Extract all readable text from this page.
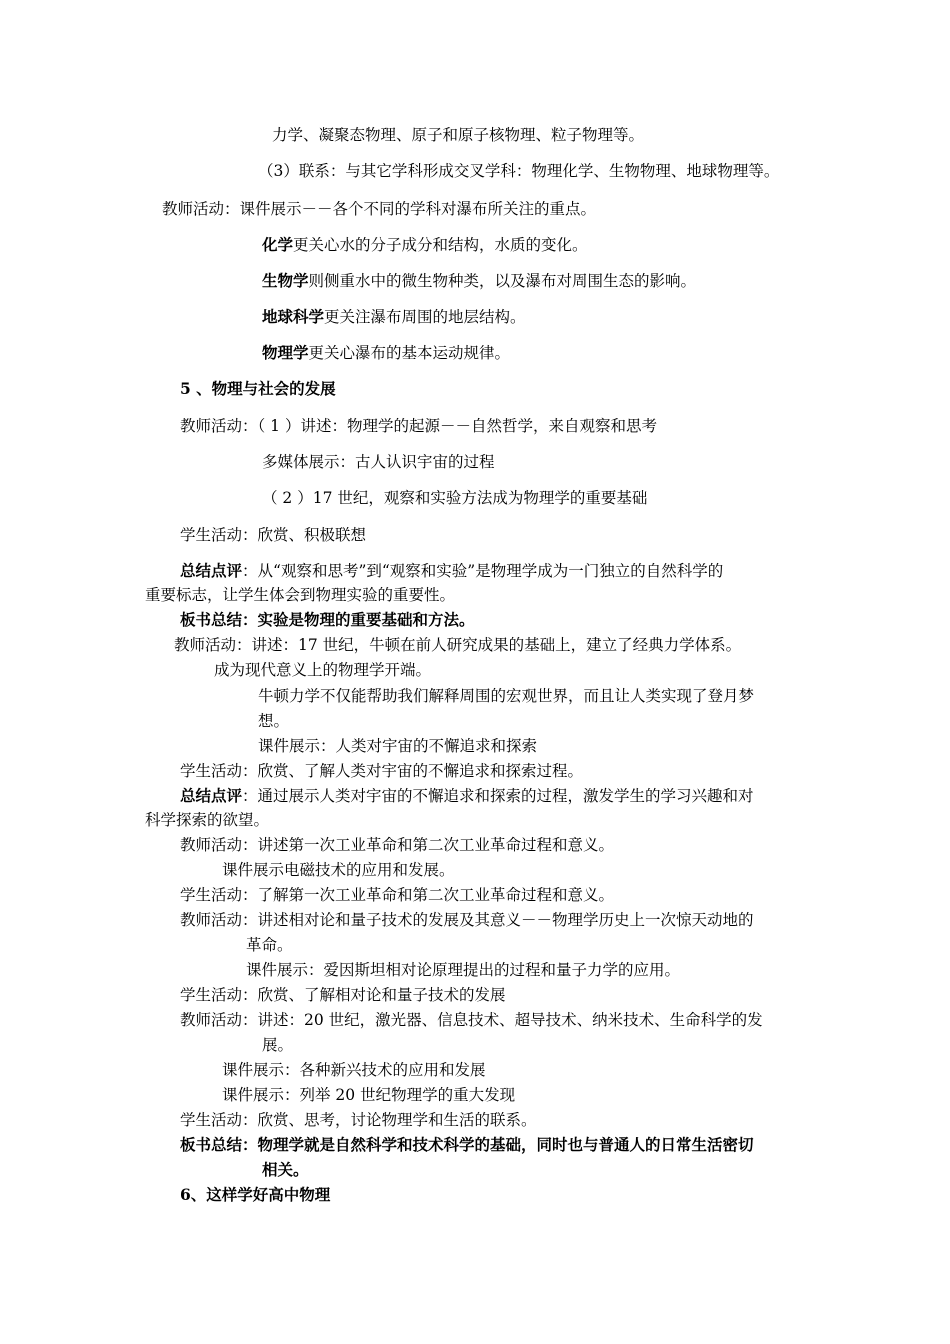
力学、凝聚态物理、原子和原子核物理、粒子物理等。
（3）联系：与其它学科形成交叉学科：物理化学、生物物理、地球物理等。
教师活动：课件展示－－各个不同的学科对瀑布所关注的重点。
化学更关心水的分子成分和结构，水质的变化。
生物学则侧重水中的微生物种类，以及瀑布对周围生态的影响。
地球科学更关注瀑布周围的地层结构。
物理学更关心瀑布的基本运动规律。
5 、物理与社会的发展
教师活动：（ 1 ）讲述：物理学的起源－－自然哲学，来自观察和思考
多媒体展示：古人认识宇宙的过程
（ 2 ）17 世纪，观察和实验方法成为物理学的重要基础
学生活动：欣赏、积极联想
总结点评：从“观察和思考”到“观察和实验”是物理学成为一门独立的自然科学的
重要标志，让学生体会到物理实验的重要性。
板书总结：实验是物理的重要基础和方法。
教师活动：讲述：17 世纪，牛顿在前人研究成果的基础上，建立了经典力学体系。
成为现代意义上的物理学开端。
牛顿力学不仅能帮助我们解释周围的宏观世界，而且让人类实现了登月梦
想。
课件展示：人类对宇宙的不懈追求和探索
学生活动：欣赏、了解人类对宇宙的不懈追求和探索过程。
总结点评：通过展示人类对宇宙的不懈追求和探索的过程，激发学生的学习兴趣和对
科学探索的欲望。
教师活动：讲述第一次工业革命和第二次工业革命过程和意义。
课件展示电磁技术的应用和发展。
学生活动：了解第一次工业革命和第二次工业革命过程和意义。
教师活动：讲述相对论和量子技术的发展及其意义－－物理学历史上一次惊天动地的
革命。
课件展示：爱因斯坦相对论原理提出的过程和量子力学的应用。
学生活动：欣赏、了解相对论和量子技术的发展
教师活动：讲述：20 世纪，激光器、信息技术、超导技术、纳米技术、生命科学的发
展。
课件展示：各种新兴技术的应用和发展
课件展示：列举 20 世纪物理学的重大发现
学生活动：欣赏、思考，讨论物理学和生活的联系。
板书总结：物理学就是自然科学和技术科学的基础，同时也与普通人的日常生活密切
相关。
6、这样学好高中物理
